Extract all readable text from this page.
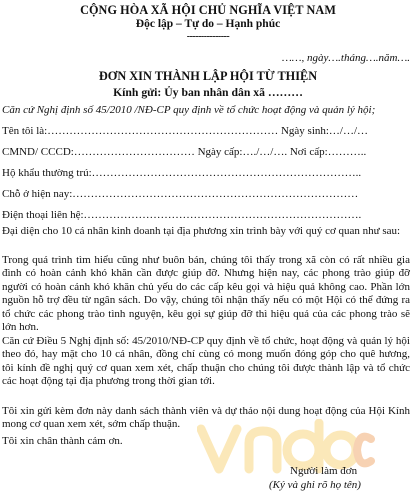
CỘNG HÒA XÃ HỘI CHỦ NGHĨA VIỆT NAM
Độc lập – Tự do – Hạnh phúc
---------------
……, ngày….tháng….năm….
ĐƠN XIN THÀNH LẬP HỘI TỪ THIỆN
Kính gửi: Ủy ban nhân dân xã ………
Căn cứ Nghị định số 45/2010 /NĐ-CP quy định về tổ chức hoạt động và quản lý hội;
Tên tôi là:……………………………………………………… Ngày sinh:…/…/…
CMND/ CCCD:…………………………… Ngày cấp:…./…/…. Nơi cấp:………..
Hộ khẩu thường trú:………………………………………………………………..
Chỗ ở hiện nay:……………………………………………………………………
Điện thoại liên hệ:………………………………………………………………….
Đại diện cho 10 cá nhân kinh doanh tại địa phương xin trình bày với quý cơ quan như sau:
Trong quá trình tìm hiểu cũng như buôn bán, chúng tôi thấy trong xã còn có rất nhiều gia đình có hoàn cảnh khó khăn cần được giúp đỡ. Nhưng hiện nay, các phong trào giúp đỡ người có hoàn cảnh khó khăn chủ yếu do các cấp kêu gọi và hiệu quả không cao. Phần lớn nguồn hỗ trợ đều từ ngân sách. Do vậy, chúng tôi nhận thấy nếu có một Hội có thể đứng ra tổ chức các phong trào tình nguyện, kêu gọi sự giúp đỡ thì hiệu quả của các phong trào sẽ lớn hơn.
Căn cứ Điều 5 Nghị định số: 45/2010/NĐ-CP quy định về tổ chức, hoạt động và quản lý hội theo đó, hay mặt cho 10 cá nhân, đồng chí cùng có mong muốn đóng góp cho quê hương, tôi kính đề nghị quý cơ quan xem xét, chấp thuận cho chúng tôi được thành lập và tổ chức các hoạt động tại địa phương trong thời gian tới.
Tôi xin gửi kèm đơn này danh sách thành viên và dự thảo nội dung hoạt động của Hội Kính mong cơ quan xem xét, sớm chấp thuận.
Tôi xin chân thành cảm ơn.
Người làm đơn
(Ký và ghi rõ họ tên)
